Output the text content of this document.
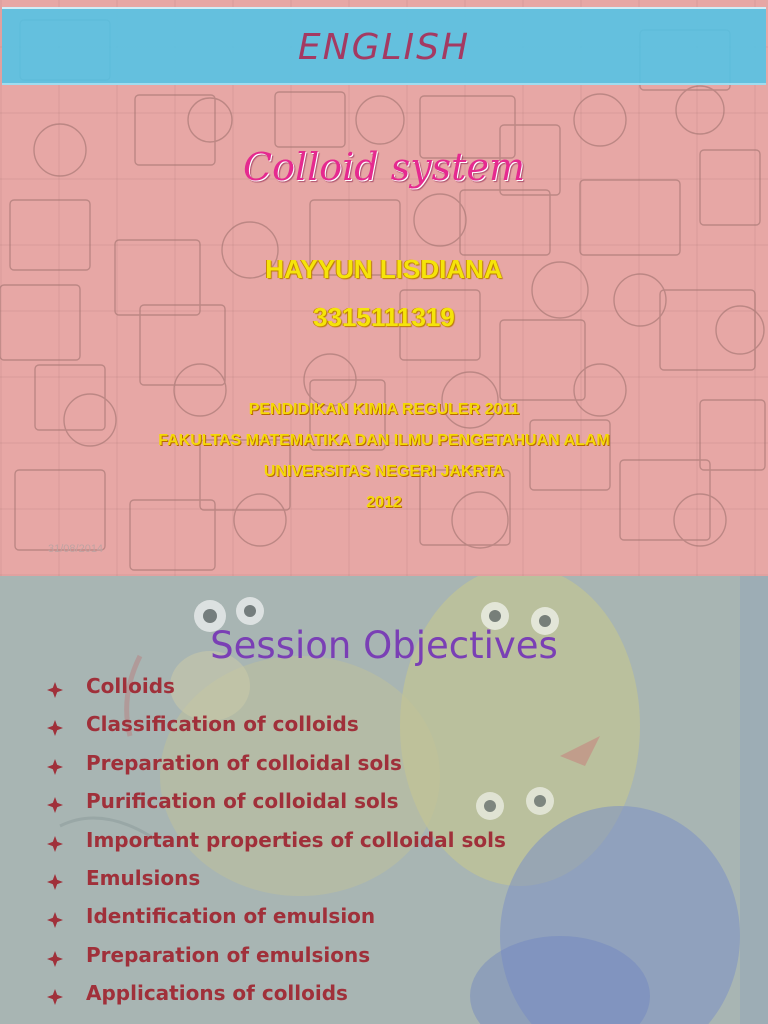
ENGLISH
Colloid system
HAYYUN LISDIANA
3315111319
PENDIDIKAN KIMIA REGULER 2011
FAKULTAS MATEMATIKA DAN ILMU PENGETAHUAN ALAM
UNIVERSITAS NEGERI JAKRTA
2012
31/08/2014
Session Objectives
Colloids
Classification of colloids
Preparation of colloidal sols
Purification of colloidal sols
Important properties of colloidal sols
Emulsions
Identification of emulsion
Preparation of emulsions
Applications of colloids
